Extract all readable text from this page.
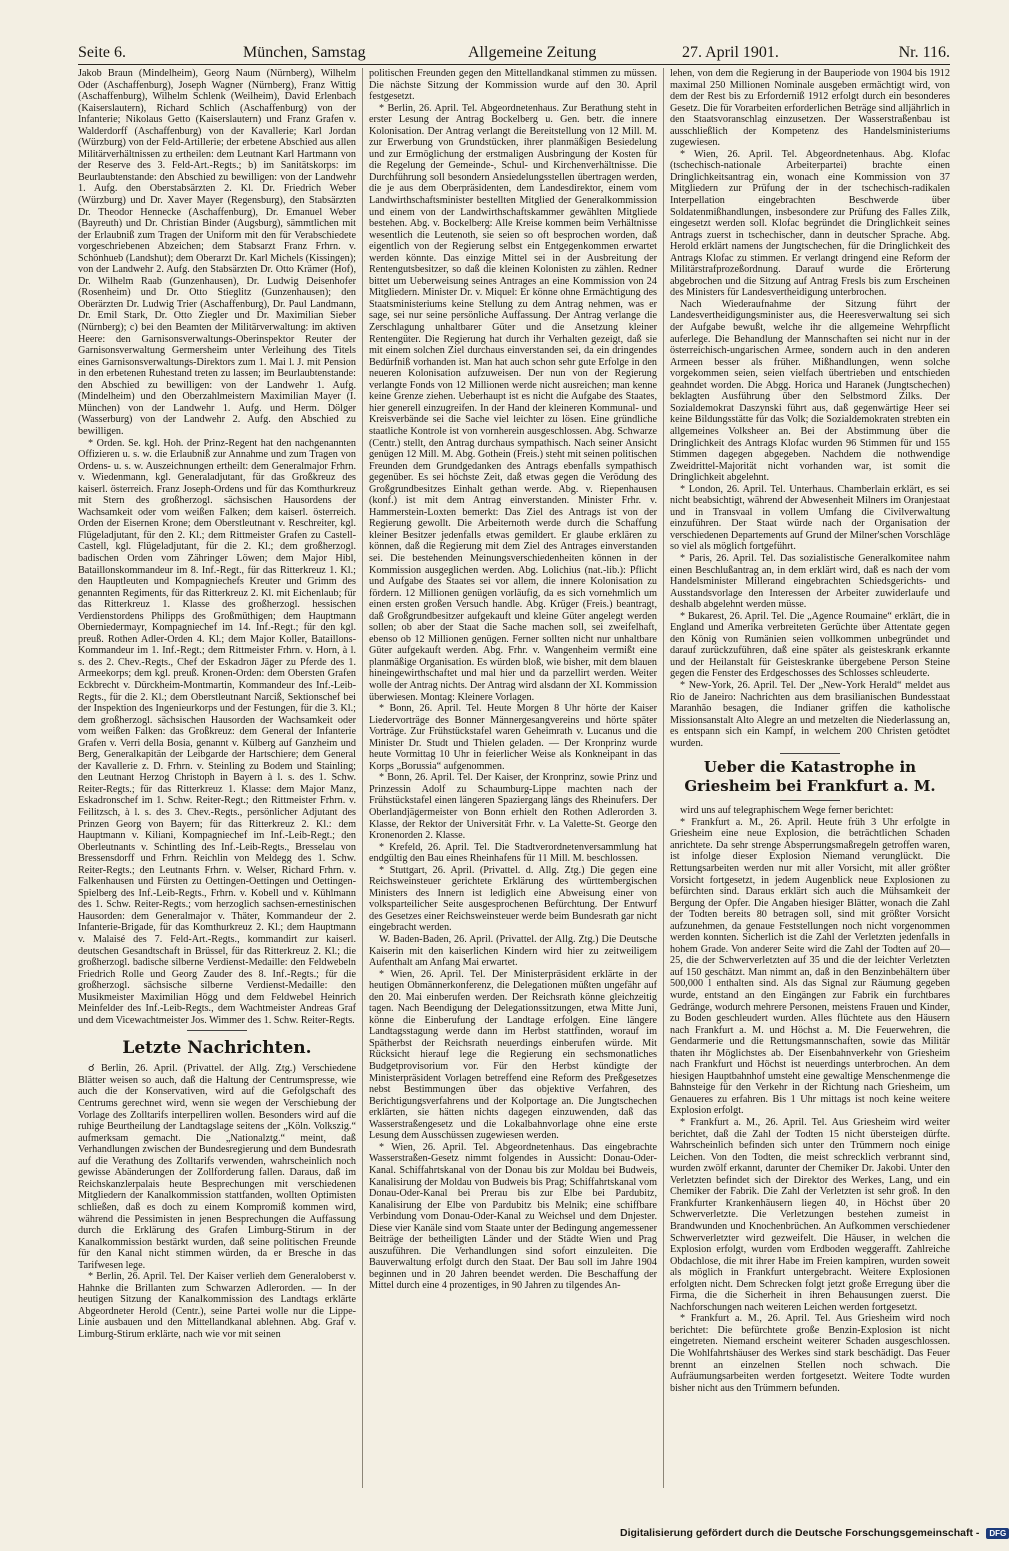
Seite 6.	München, Samstag	Allgemeine Zeitung	27. April 1901.	Nr. 116.

Jakob Braun (Mindelheim), Georg Naum (Nürnberg), Wilhelm Oder (Aschaffenburg), Joseph Wagner (Nürnberg), Franz Wittig (Aschaffenburg), Wilhelm Schlenk (Weilheim), David Erlenbach (Kaiserslautern), Richard Schlich (Aschaffenburg) von der Infanterie; Nikolaus Getto (Kaiserslautern) und Franz Grafen v. Walderdorff (Aschaffenburg) von der Kavallerie; Karl Jordan (Würzburg) von der Feld-Artillerie; der erbetene Abschied aus allen Militärverhältnissen zu ertheilen: dem Leutnant Karl Hartmann von der Reserve des 3. Feld-Art.-Regts.; b) im Sanitätskorps: im Beurlaubtenstande: den Abschied zu bewilligen: von der Landwehr 1. Aufg. den Oberstabsärzten 2. Kl. Dr. Friedrich Weber (Würzburg) und Dr. Xaver Mayer (Regensburg), den Stabsärzten Dr. Theodor Hennecke (Aschaffenburg), Dr. Emanuel Weber (Bayreuth) und Dr. Christian Binder (Augsburg), sämmtlichen mit der Erlaubniß zum Tragen der Uniform mit den für Verabschiedete vorgeschriebenen Abzeichen; dem Stabsarzt Franz Frhrn. v. Schönhueb (Landshut); dem Oberarzt Dr. Karl Michels (Kissingen); von der Landwehr 2. Aufg. den Stabsärzten Dr. Otto Krämer (Hof), Dr. Wilhelm Raab (Gunzenhausen), Dr. Ludwig Deisenhofer (Rosenheim) und Dr. Otto Stieglitz (Gunzenhausen); den Oberärzten Dr. Ludwig Trier (Aschaffenburg), Dr. Paul Landmann, Dr. Emil Stark, Dr. Otto Ziegler und Dr. Maximilian Sieber (Nürnberg); c) bei den Beamten der Militärverwaltung: im aktiven Heere: den Garnisonsverwaltungs-Oberinspektor Reuter der Garnisonsverwaltung Germersheim unter Verleihung des Titels eines Garnisonsverwaltungs-Direktors zum 1. Mai l. J. mit Pension in den erbetenen Ruhestand treten zu lassen; im Beurlaubtenstande: den Abschied zu bewilligen: von der Landwehr 1. Aufg. (Mindelheim) und den Oberzahlmeistern Maximilian Mayer (I. München) von der Landwehr 1. Aufg. und Herm. Dölger (Wasserburg) von der Landwehr 2. Aufg. den Abschied zu bewilligen.

* Orden. Se. kgl. Hoh. der Prinz-Regent hat den nachgenannten Offizieren u. s. w. die Erlaubniß zur Annahme und zum Tragen von Ordens- u. s. w. Auszeichnungen ertheilt: dem Generalmajor Frhrn. v. Wiedenmann, kgl. Generaladjutant, für das Großkreuz des kaiserl. österreich. Franz Joseph-Ordens und für das Komthurkreuz mit Stern des großherzogl. sächsischen Hausordens der Wachsamkeit oder vom weißen Falken; dem kaiserl. österreich. Orden der Eisernen Krone; dem Oberstleutnant v. Reschreiter, kgl. Flügeladjutant, für den 2. Kl.; dem Rittmeister Grafen zu Castell-Castell, kgl. Flügeladjutant, für die 2. Kl.; dem großherzogl. badischen Orden vom Zähringer Löwen; dem Major Hibl, Bataillonskommandeur im 8. Inf.-Regt., für das Ritterkreuz 1. Kl.; den Hauptleuten und Kompagniechefs Kreuter und Grimm des genannten Regiments, für das Ritterkreuz 2. Kl. mit Eichenlaub; für das Ritterkreuz 1. Klasse des großherzogl. hessischen Verdienstordens Philipps des Großmüthigen; dem Hauptmann Oberniedermayr, Kompagniechef im 14. Inf.-Regt.; für den kgl. preuß. Rothen Adler-Orden 4. Kl.; dem Major Koller, Bataillons-Kommandeur im 1. Inf.-Regt.; dem Rittmeister Frhrn. v. Horn, à l. s. des 2. Chev.-Regts., Chef der Eskadron Jäger zu Pferde des 1. Armeekorps; dem kgl. preuß. Kronen-Orden: dem Obersten Grafen Eckbrecht v. Dürckheim-Montmartin, Kommandeur des Inf.-Leib-Regts., für die 2. Kl.; dem Oberstleutnant Narciß, Sektionschef bei der Inspektion des Ingenieurkorps und der Festungen, für die 3. Kl.; dem großherzogl. sächsischen Hausorden der Wachsamkeit oder vom weißen Falken: das Großkreuz: dem General der Infanterie Grafen v. Verri della Bosia, genannt v. Külberg auf Ganzheim und Berg, Generalkapitän der Leibgarde der Hartschiere; dem General der Kavallerie z. D. Frhrn. v. Steinling zu Bodem und Stainling; den Leutnant Herzog Christoph in Bayern à l. s. des 1. Schw. Reiter-Regts.; für das Ritterkreuz 1. Klasse: dem Major Manz, Eskadronschef im 1. Schw. Reiter-Regt.; den Rittmeister Frhrn. v. Feilitzsch, à l. s. des 3. Chev.-Regts., persönlicher Adjutant des Prinzen Georg von Bayern; für das Ritterkreuz 2. Kl.: dem Hauptmann v. Kiliani, Kompagniechef im Inf.-Leib-Regt.; den Oberleutnants v. Schintling des Inf.-Leib-Regts., Bresselau von Bressensdorff und Frhrn. Reichlin von Meldegg des 1. Schw. Reiter-Regts.; den Leutnants Frhrn. v. Welser, Richard Frhrn. v. Falkenhausen und Fürsten zu Oettingen-Oettingen und Oettingen-Spielberg des Inf.-Leib-Regts., Frhrn. v. Kobell und v. Kühlmann des 1. Schw. Reiter-Regts.; vom herzoglich sachsen-ernestinischen Hausorden: dem Generalmajor v. Thäter, Kommandeur der 2. Infanterie-Brigade, für das Komthurkreuz 2. Kl.; dem Hauptmann v. Malaisé des 7. Feld-Art.-Regts., kommandirt zur kaiserl. deutschen Gesandtschaft in Brüssel, für das Ritterkreuz 2. Kl.; die großherzogl. badische silberne Verdienst-Medaille: den Feldwebeln Friedrich Rolle und Georg Zauder des 8. Inf.-Regts.; für die großherzogl. sächsische silberne Verdienst-Medaille: den Musikmeister Maximilian Högg und dem Feldwebel Heinrich Meinfelder des Inf.-Leib-Regts., dem Wachtmeister Andreas Graf und dem Vicewachtmeister Jos. Wimmer des 1. Schw. Reiter-Regts.

Letzte Nachrichten.

☌ Berlin, 26. April. (Privattel. der Allg. Ztg.) Verschiedene Blätter weisen so auch, daß die Haltung der Centrumspresse, wie auch die der Konservativen, wird auf die Gefolgschaft des Centrums gerechnet wird, wenn sie wegen der Verschiebung der Vorlage des Zolltarifs interpelliren wollen. Besonders wird auf die ruhige Beurtheilung der Landtagslage seitens der „Köln. Volkszig.“ aufmerksam gemacht. Die „Nationalztg.“ meint, daß Verhandlungen zwischen der Bundesregierung und dem Bundesrath auf die Verathung des Zolltarifs verwenden, wahrscheinlich noch gewisse Abänderungen der Zollforderung fallen. Daraus, daß im Reichskanzlerpalais heute Besprechungen mit verschiedenen Mitgliedern der Kanalkommission stattfanden, wollten Optimisten schließen, daß es doch zu einem Kompromiß kommen wird, während die Pessimisten in jenen Besprechungen die Auffassung durch die Erklärung des Grafen Limburg-Stirum in der Kanalkommission bestärkt wurden, daß seine politischen Freunde für den Kanal nicht stimmen würden, da er Bresche in das Tarifwesen lege.

* Berlin, 26. April. Tel. Der Kaiser verlieh dem Generaloberst v. Hahnke die Brillanten zum Schwarzen Adlerorden. — In der heutigen Sitzung der Kanalkommission des Landtags erklärte Abgeordneter Herold (Centr.), seine Partei wolle nur die Lippe-Linie ausbauen und den Mittellandkanal ablehnen. Abg. Graf v. Limburg-Stirum erklärte, nach wie vor mit seinen

politischen Freunden gegen den Mittellandkanal stimmen zu müssen. Die nächste Sitzung der Kommission wurde auf den 30. April festgesetzt.

* Berlin, 26. April. Tel. Abgeordnetenhaus. Zur Berathung steht in erster Lesung der Antrag Bockelberg u. Gen. betr. die innere Kolonisation. Der Antrag verlangt die Bereitstellung von 12 Mill. M. zur Erwerbung von Grundstücken, ihrer planmäßigen Besiedelung und zur Ermöglichung der erstmaligen Ausbringung der Kosten für die Regelung der Gemeinde-, Schul- und Kirchenverhältnisse. Die Durchführung soll besondern Ansiedelungsstellen übertragen werden, die je aus dem Oberpräsidenten, dem Landesdirektor, einem vom Landwirthschaftsminister bestellten Mitglied der Generalkommission und einem von der Landwirthschaftskammer gewählten Mitgliede bestehen. Abg. v. Bockelberg: Alle Kreise kommen beim Verhältnisse wesentlich die Leutenoth, sie seien so oft besprochen worden, daß eigentlich von der Regierung selbst ein Entgegenkommen erwartet werden könnte. Das einzige Mittel sei in der Ausbreitung der Rentengutsbesitzer, so daß die kleinen Kolonisten zu zählen. Redner bittet um Ueberweisung seines Antrages an eine Kommission von 24 Mitgliedern. Minister Dr. v. Miquel: Er könne ohne Ermächtigung des Staatsministeriums keine Stellung zu dem Antrag nehmen, was er sage, sei nur seine persönliche Auffassung. Der Antrag verlange die Zerschlagung unhaltbarer Güter und die Ansetzung kleiner Rentengüter. Die Regierung hat durch ihr Verhalten gezeigt, daß sie mit einem solchen Ziel durchaus einverstanden sei, da ein dringendes Bedürfniß vorhanden ist. Man hat auch schon sehr gute Erfolge in den neueren Kolonisation aufzuweisen. Der nun von der Regierung verlangte Fonds von 12 Millionen werde nicht ausreichen; man kenne keine Grenze ziehen. Ueberhaupt ist es nicht die Aufgabe des Staates, hier generell einzugreifen. In der Hand der kleineren Kommunal- und Kreisverbände sei die Sache viel leichter zu lösen. Eine gründliche staatliche Kontrole ist von vornherein ausgeschlossen. Abg. Schwarze (Centr.) stellt, den Antrag durchaus sympathisch. Nach seiner Ansicht genügen 12 Mill. M. Abg. Gothein (Freis.) steht mit seinen politischen Freunden dem Grundgedanken des Antrags ebenfalls sympathisch gegenüber. Es sei höchste Zeit, daß etwas gegen die Verödung des Großgrundbesitzes Einhalt gethan werde. Abg. v. Riepenhausen (konf.) ist mit dem Antrag einverstanden. Minister Frhr. v. Hammerstein-Loxten bemerkt: Das Ziel des Antrags ist von der Regierung gewollt. Die Arbeiternoth werde durch die Schaffung kleiner Besitzer jedenfalls etwas gemildert. Er glaube erklären zu können, daß die Regierung mit dem Ziel des Antrages einverstanden sei. Die bestehenden Meinungsverschiedenheiten können in der Kommission ausgeglichen werden. Abg. Lolichius (nat.-lib.): Pflicht und Aufgabe des Staates sei vor allem, die innere Kolonisation zu fördern. 12 Millionen genügen vorläufig, da es sich vornehmlich um einen ersten großen Versuch handle. Abg. Krüger (Freis.) beantragt, daß Großgrundbesitzer aufgekauft und kleine Güter angelegt werden sollen; ob aber der Staat die Sache machen soll, sei zweifelhaft, ebenso ob 12 Millionen genügen. Ferner sollten nicht nur unhaltbare Güter aufgekauft werden. Abg. Frhr. v. Wangenheim vermißt eine planmäßige Organisation. Es würden bloß, wie bisher, mit dem blauen hineingewirthschaftet und mal hier und da parzellirt werden. Weiter wolle der Antrag nichts. Der Antrag wird alsdann der XI. Kommission überwiesen. Montag: Kleinere Vorlagen.

* Bonn, 26. April. Tel. Heute Morgen 8 Uhr hörte der Kaiser Liedervorträge des Bonner Männergesangvereins und hörte später Vorträge. Zur Frühstückstafel waren Geheimrath v. Lucanus und die Minister Dr. Studt und Thielen geladen. — Der Kronprinz wurde heute Vormittag 10 Uhr in feierlicher Weise als Konkneipant in das Korps „Borussia“ aufgenommen.

* Bonn, 26. April. Tel. Der Kaiser, der Kronprinz, sowie Prinz und Prinzessin Adolf zu Schaumburg-Lippe machten nach der Frühstückstafel einen längeren Spaziergang längs des Rheinufers. Der Oberlandjägermeister von Bonn erhielt den Rothen Adlerorden 3. Klasse, der Rektor der Universität Frhr. v. La Valette-St. George den Kronenorden 2. Klasse.

* Krefeld, 26. April. Tel. Die Stadtverordnetenversammlung hat endgültig den Bau eines Rheinhafens für 11 Mill. M. beschlossen.

* Stuttgart, 26. April. (Privattel. d. Allg. Ztg.) Die gegen eine Reichsweinsteuer gerichtete Erklärung des württembergischen Ministers des Innern ist lediglich eine Abweisung einer von volksparteilicher Seite ausgesprochenen Befürchtung. Der Entwurf des Gesetzes einer Reichsweinsteuer werde beim Bundesrath gar nicht eingebracht werden.

W. Baden-Baden, 26. April. (Privattel. der Allg. Ztg.) Die Deutsche Kaiserin mit den kaiserlichen Kindern wird hier zu zeitweiligem Aufenthalt am Anfang Mai erwartet.

* Wien, 26. April. Tel. Der Ministerpräsident erklärte in der heutigen Obmännerkonferenz, die Delegationen müßten ungefähr auf den 20. Mai einberufen werden. Der Reichsrath könne gleichzeitig tagen. Nach Beendigung der Delegationssitzungen, etwa Mitte Juni, könne die Einberufung der Landtage erfolgen. Eine längere Landtagsstagung werde dann im Herbst stattfinden, worauf im Spätherbst der Reichsrath neuerdings einberufen würde. Mit Rücksicht hierauf lege die Regierung ein sechsmonatliches Budgetprovisorium vor. Für den Herbst kündigte der Ministerpräsident Vorlagen betreffend eine Reform des Preßgesetzes nebst Bestimmungen über das objektive Verfahren, des Berichtigungsverfahrens und der Kolportage an. Die Jungtschechen erklärten, sie hätten nichts dagegen einzuwenden, daß das Wasserstraßengesetz und die Lokalbahnvorlage ohne eine erste Lesung dem Ausschüssen zugewiesen werden.

* Wien, 26. April. Tel. Abgeordnetenhaus. Das eingebrachte Wasserstraßen-Gesetz nimmt folgendes in Aussicht: Donau-Oder-Kanal. Schiffahrtskanal von der Donau bis zur Moldau bei Budweis, Kanalisirung der Moldau von Budweis bis Prag; Schiffahrtskanal vom Donau-Oder-Kanal bei Prerau bis zur Elbe bei Pardubitz, Kanalisirung der Elbe von Pardubitz bis Melnik; eine schiffbare Verbindung vom Donau-Oder-Kanal zu Weichsel und dem Dnjester. Diese vier Kanäle sind vom Staate unter der Bedingung angemessener Beiträge der betheiligten Länder und der Städte Wien und Prag auszuführen. Die Verhandlungen sind sofort einzuleiten. Die Bauverwaltung erfolgt durch den Staat. Der Bau soll im Jahre 1904 beginnen und in 20 Jahren beendet werden. Die Beschaffung der Mittel durch eine 4 prozentiges, in 90 Jahren zu tilgendes An-

lehen, von dem die Regierung in der Bauperiode von 1904 bis 1912 maximal 250 Millionen Nominale ausgeben ermächtigt wird, von dem der Rest bis zu Erforderniß 1912 erfolgt durch ein besonderes Gesetz. Die für Vorarbeiten erforderlichen Beträge sind alljährlich in den Staatsvoranschlag einzusetzen. Der Wasserstraßenbau ist ausschließlich der Kompetenz des Handelsministeriums zugewiesen.

* Wien, 26. April. Tel. Abgeordnetenhaus. Abg. Klofac (tschechisch-nationale Arbeiterpartei) brachte einen Dringlichkeitsantrag ein, wonach eine Kommission von 37 Mitgliedern zur Prüfung der in der tschechisch-radikalen Interpellation eingebrachten Beschwerde über Soldatenmißhandlungen, insbesondere zur Prüfung des Falles Zilk, eingesetzt werden soll. Klofac begründet die Dringlichkeit seines Antrags zuerst in tschechischer, dann in deutscher Sprache. Abg. Herold erklärt namens der Jungtschechen, für die Dringlichkeit des Antrags Klofac zu stimmen. Er verlangt dringend eine Reform der Militärstrafprozeßordnung. Darauf wurde die Erörterung abgebrochen und die Sitzung auf Antrag Fresls bis zum Erscheinen des Ministers für Landesvertheidigung unterbrochen.

Nach Wiederaufnahme der Sitzung führt der Landesvertheidigungsminister aus, die Heeresverwaltung sei sich der Aufgabe bewußt, welche ihr die allgemeine Wehrpflicht auferlege. Die Behandlung der Mannschaften sei nicht nur in der österreichisch-ungarischen Armee, sondern auch in den anderen Armeen besser als früher. Mißhandlungen, wenn solche vorgekommen seien, seien vielfach übertrieben und entschieden geahndet worden. Die Abgg. Horica und Haranek (Jungtschechen) beklagten Ausführung über den Selbstmord Zilks. Der Sozialdemokrat Daszynski führt aus, daß gegenwärtige Heer sei keine Bildungsstätte für das Volk; die Sozialdemokraten strebten ein allgemeines Volksheer an. Bei der Abstimmung über die Dringlichkeit des Antrags Klofac wurden 96 Stimmen für und 155 Stimmen dagegen abgegeben. Nachdem die nothwendige Zweidrittel-Majorität nicht vorhanden war, ist somit die Dringlichkeit abgelehnt.

* London, 26. April. Tel. Unterhaus. Chamberlain erklärt, es sei nicht beabsichtigt, während der Abwesenheit Milners im Oranjestaat und in Transvaal in vollem Umfang die Civilverwaltung einzuführen. Der Staat würde nach der Organisation der verschiedenen Departements auf Grund der Milner'schen Vorschläge so viel als möglich fortgeführt.

* Paris, 26. April. Tel. Das sozialistische Generalkomitee nahm einen Beschlußantrag an, in dem erklärt wird, daß es nach der vom Handelsminister Millerand eingebrachten Schiedsgerichts- und Ausstandsvorlage den Interessen der Arbeiter zuwiderlaufe und deshalb abgelehnt werden müsse.

* Bukarest, 26. April. Tel. Die „Agence Roumaine“ erklärt, die in England und Amerika verbreiteten Gerüchte über Attentate gegen den König von Rumänien seien vollkommen unbegründet und darauf zurückzuführen, daß eine später als geisteskrank erkannte und der Heilanstalt für Geisteskranke übergebene Person Steine gegen die Fenster des Erdgeschosses des Schlosses schleuderte.

* New-York, 26. April. Tel. Der „New-York Herald“ meldet aus Rio de Janeiro: Nachrichten aus dem brasilianischen Bundesstaat Maranhão besagen, die Indianer griffen die katholische Missionsanstalt Alto Alegre an und metzelten die Niederlassung an, es entspann sich ein Kampf, in welchem 200 Christen getödtet wurden.

Ueber die Katastrophe in Griesheim bei Frankfurt a. M.

wird uns auf telegraphischem Wege ferner berichtet:

* Frankfurt a. M., 26. April. Heute früh 3 Uhr erfolgte in Griesheim eine neue Explosion, die beträchtlichen Schaden anrichtete. Da sehr strenge Absperrungsmaßregeln getroffen waren, ist infolge dieser Explosion Niemand verunglückt. Die Rettungsarbeiten werden nur mit aller Vorsicht, mit aller größter Vorsicht fortgesetzt, in jedem Augenblick neue Explosionen zu befürchten sind. Daraus erklärt sich auch die Mühsamkeit der Bergung der Opfer. Die Angaben hiesiger Blätter, wonach die Zahl der Todten bereits 80 betragen soll, sind mit größter Vorsicht aufzunehmen, da genaue Feststellungen noch nicht vorgenommen werden konnten. Sicherlich ist die Zahl der Verletzten jedenfalls in hohem Grade. Von anderer Seite wird die Zahl der Todten auf 20—25, die der Schwerverletzten auf 35 und die der leichter Verletzten auf 150 geschätzt. Man nimmt an, daß in den Benzinbehältern über 500,000 l enthalten sind. Als das Signal zur Räumung gegeben wurde, entstand an den Eingängen zur Fabrik ein furchtbares Gedränge, wodurch mehrere Personen, meistens Frauen und Kinder, zu Boden geschleudert wurden. Alles flüchtete aus den Häusern nach Frankfurt a. M. und Höchst a. M. Die Feuerwehren, die Gendarmerie und die Rettungsmannschaften, sowie das Militär thaten ihr Möglichstes ab. Der Eisenbahnverkehr von Griesheim nach Frankfurt und Höchst ist neuerdings unterbrochen. An dem hiesigen Hauptbahnhof umsteht eine gewaltige Menschenmenge die Bahnsteige für den Verkehr in der Richtung nach Griesheim, um Genaueres zu erfahren. Bis 1 Uhr mittags ist noch keine weitere Explosion erfolgt.

* Frankfurt a. M., 26. April. Tel. Aus Griesheim wird weiter berichtet, daß die Zahl der Todten 15 nicht übersteigen dürfte. Wahrscheinlich befinden sich unter den Trümmern noch einige Leichen. Von den Todten, die meist schrecklich verbrannt sind, wurden zwölf erkannt, darunter der Chemiker Dr. Jakobi. Unter den Verletzten befindet sich der Direktor des Werkes, Lang, und ein Chemiker der Fabrik. Die Zahl der Verletzten ist sehr groß. In den Frankfurter Krankenhäusern liegen 40, in Höchst über 20 Schwerverletzte. Die Verletzungen bestehen zumeist in Brandwunden und Knochenbrüchen. An Aufkommen verschiedener Schwerverletzter wird gezweifelt. Die Häuser, in welchen die Explosion erfolgt, wurden vom Erdboden weggerafft. Zahlreiche Obdachlose, die mit ihrer Habe im Freien kampiren, wurden soweit als möglich in Frankfurt untergebracht. Weitere Explosionen erfolgten nicht. Dem Schrecken folgt jetzt große Erregung über die Firma, die die Sicherheit in ihren Behausungen zuerst. Die Nachforschungen nach weiteren Leichen werden fortgesetzt.

* Frankfurt a. M., 26. April. Tel. Aus Griesheim wird noch berichtet: Die befürchtete große Benzin-Explosion ist nicht eingetreten. Niemand erscheint weiterer Schaden ausgeschlossen. Die Wohlfahrtshäuser des Werkes sind stark beschädigt. Das Feuer brennt an einzelnen Stellen noch schwach. Die Aufräumungsarbeiten werden fortgesetzt. Weitere Todte wurden bisher nicht aus den Trümmern befunden.

Digitalisierung gefördert durch die Deutsche Forschungsgemeinschaft - DFG
